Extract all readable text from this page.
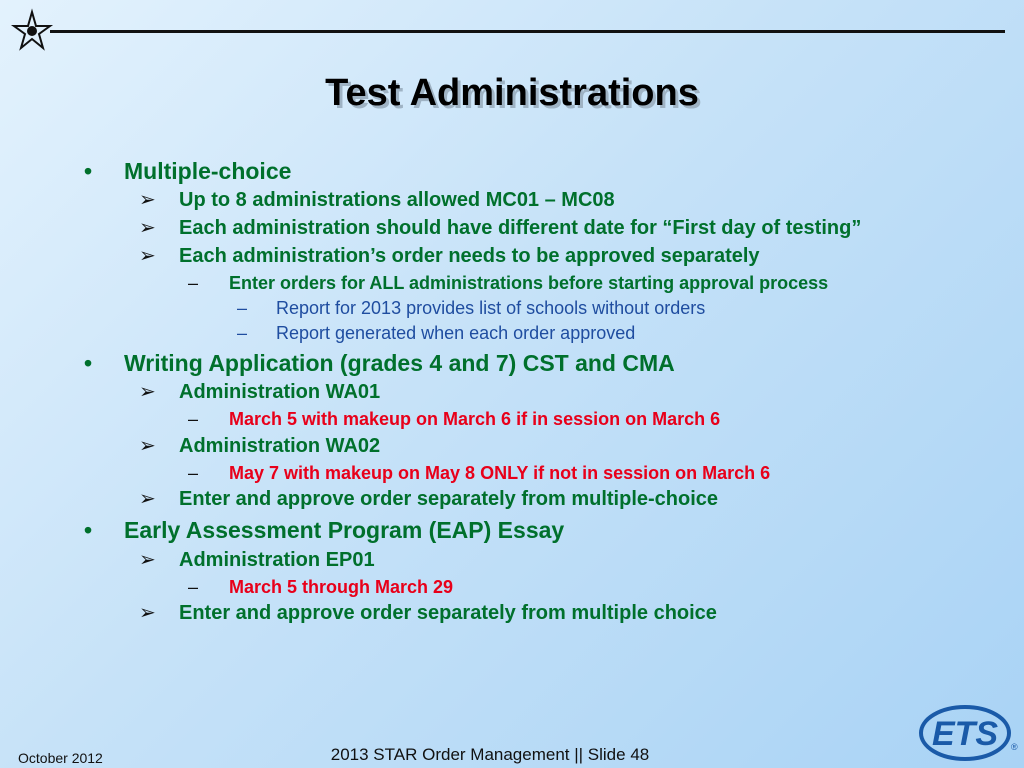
Test Administrations
• Multiple-choice
➢ Up to 8 administrations allowed MC01 – MC08
➢ Each administration should have different date for “First day of testing”
➢ Each administration’s order needs to be approved separately
– Enter orders for ALL administrations before starting approval process
– Report for 2013 provides list of schools without orders
– Report generated when each order approved
• Writing Application (grades 4 and 7) CST and CMA
➢ Administration WA01
– March 5 with makeup on March 6 if in session on March 6
➢ Administration WA02
– May 7 with makeup on May 8 ONLY if not in session on March 6
➢ Enter and approve order separately from multiple-choice
• Early Assessment Program (EAP) Essay
➢ Administration EP01
– March 5 through March 29
➢ Enter and approve order separately from multiple choice
October 2012	2013 STAR Order Management || Slide 48
ETS ®
